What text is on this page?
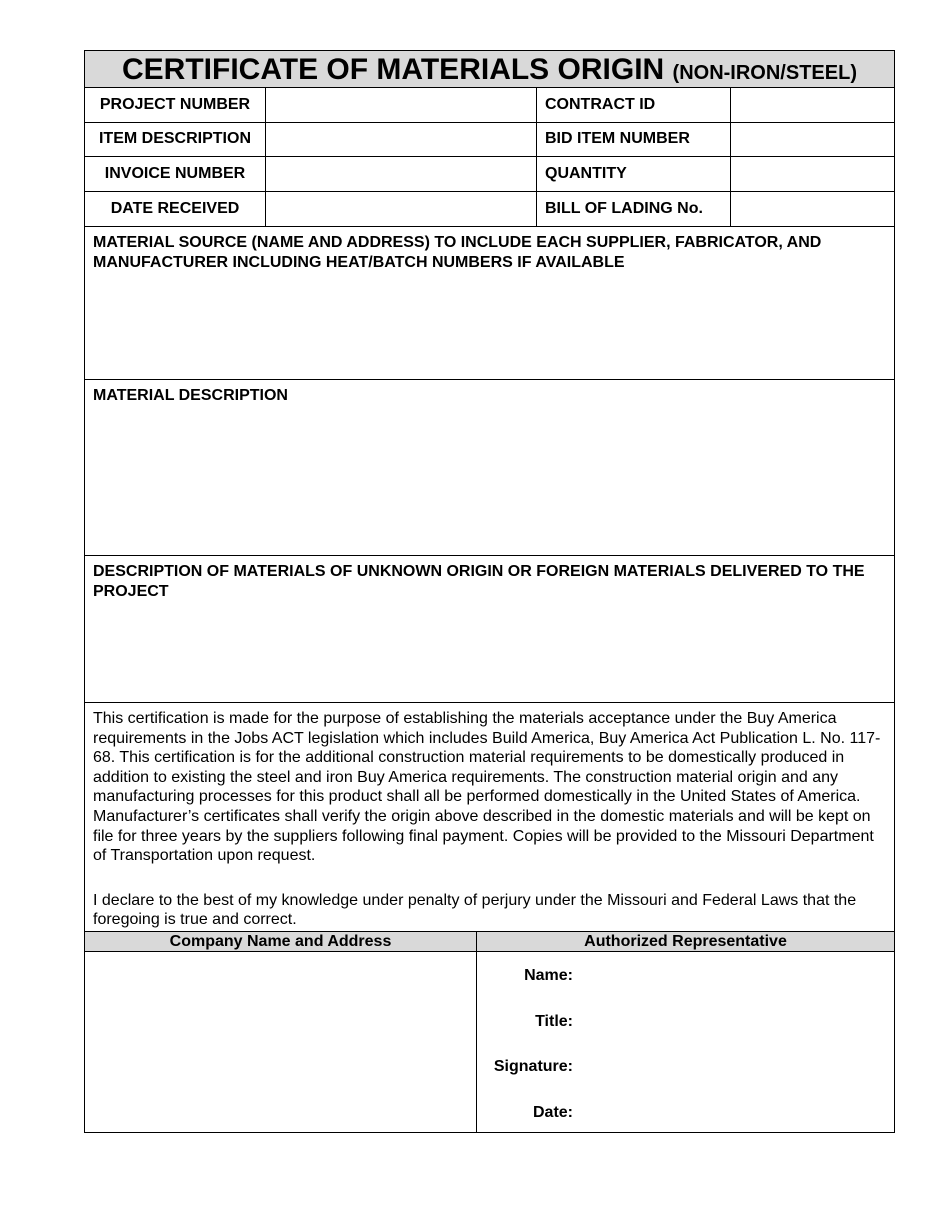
CERTIFICATE OF MATERIALS ORIGIN (NON-IRON/STEEL)
PROJECT NUMBER	CONTRACT ID
ITEM DESCRIPTION	BID ITEM NUMBER
INVOICE NUMBER	QUANTITY
DATE RECEIVED	BILL OF LADING No.
MATERIAL SOURCE (NAME AND ADDRESS) TO INCLUDE EACH SUPPLIER, FABRICATOR, AND MANUFACTURER INCLUDING HEAT/BATCH NUMBERS IF AVAILABLE
MATERIAL DESCRIPTION
DESCRIPTION OF MATERIALS OF UNKNOWN ORIGIN OR FOREIGN MATERIALS DELIVERED TO THE PROJECT

This certification is made for the purpose of establishing the materials acceptance under the Buy America requirements in the Jobs ACT legislation which includes Build America, Buy America Act Publication L. No. 117-68. This certification is for the additional construction material requirements to be domestically produced in addition to existing the steel and iron Buy America requirements. The construction material origin and any manufacturing processes for this product shall all be performed domestically in the United States of America. Manufacturer’s certificates shall verify the origin above described in the domestic materials and will be kept on file for three years by the suppliers following final payment. Copies will be provided to the Missouri Department of Transportation upon request.

I declare to the best of my knowledge under penalty of perjury under the Missouri and Federal Laws that the foregoing is true and correct.

Company Name and Address	Authorized Representative
Name:
Title:
Signature:
Date:
